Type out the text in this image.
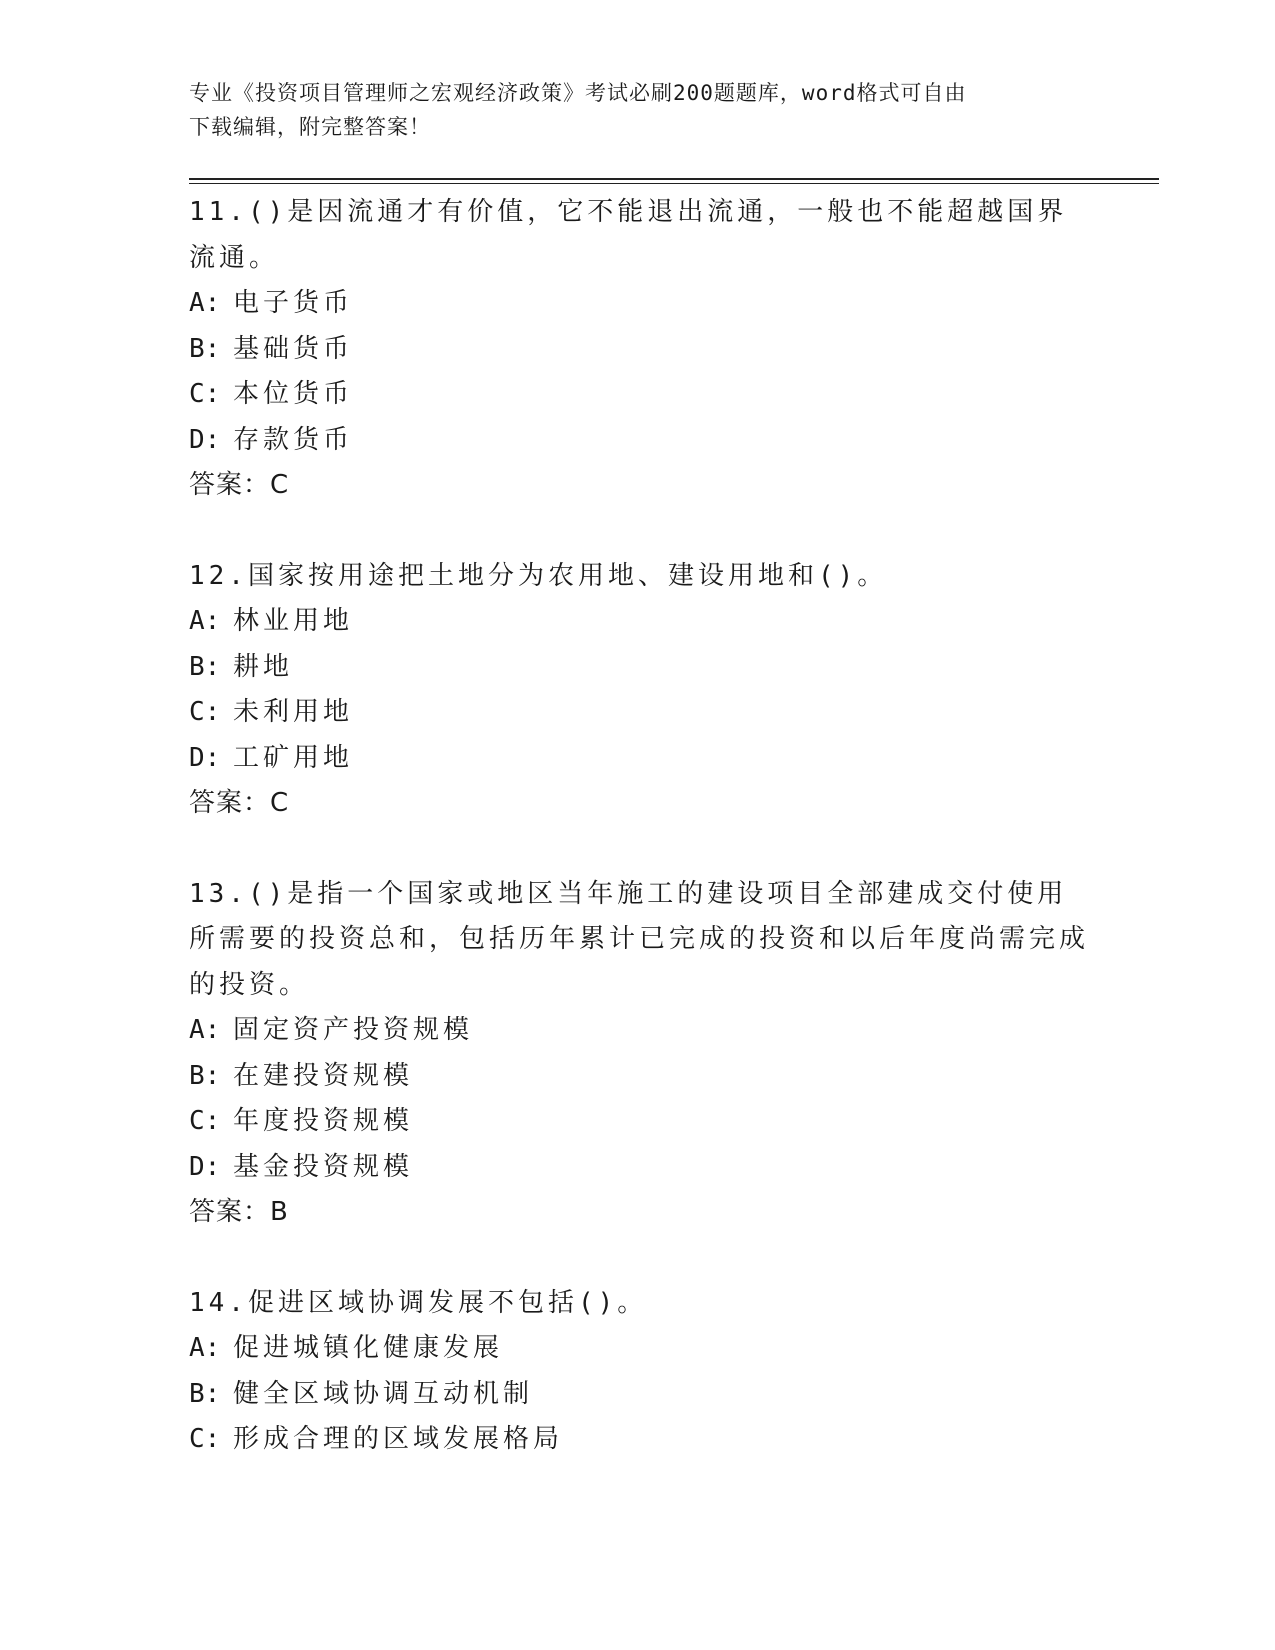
专业《投资项目管理师之宏观经济政策》考试必刷200题题库，word格式可自由
下载编辑，附完整答案！

11.()是因流通才有价值，它不能退出流通，一般也不能超越国界流通。

A: 电子货币
B: 基础货币
C: 本位货币
D: 存款货币
答案：C

12.国家按用途把土地分为农用地、建设用地和()。

A: 林业用地
B: 耕地
C: 未利用地
D: 工矿用地
答案：C

13.()是指一个国家或地区当年施工的建设项目全部建成交付使用所需要的投资总和，包括历年累计已完成的投资和以后年度尚需完成的投资。

A: 固定资产投资规模
B: 在建投资规模
C: 年度投资规模
D: 基金投资规模
答案：B

14.促进区域协调发展不包括()。

A: 促进城镇化健康发展
B: 健全区域协调互动机制
C: 形成合理的区域发展格局
